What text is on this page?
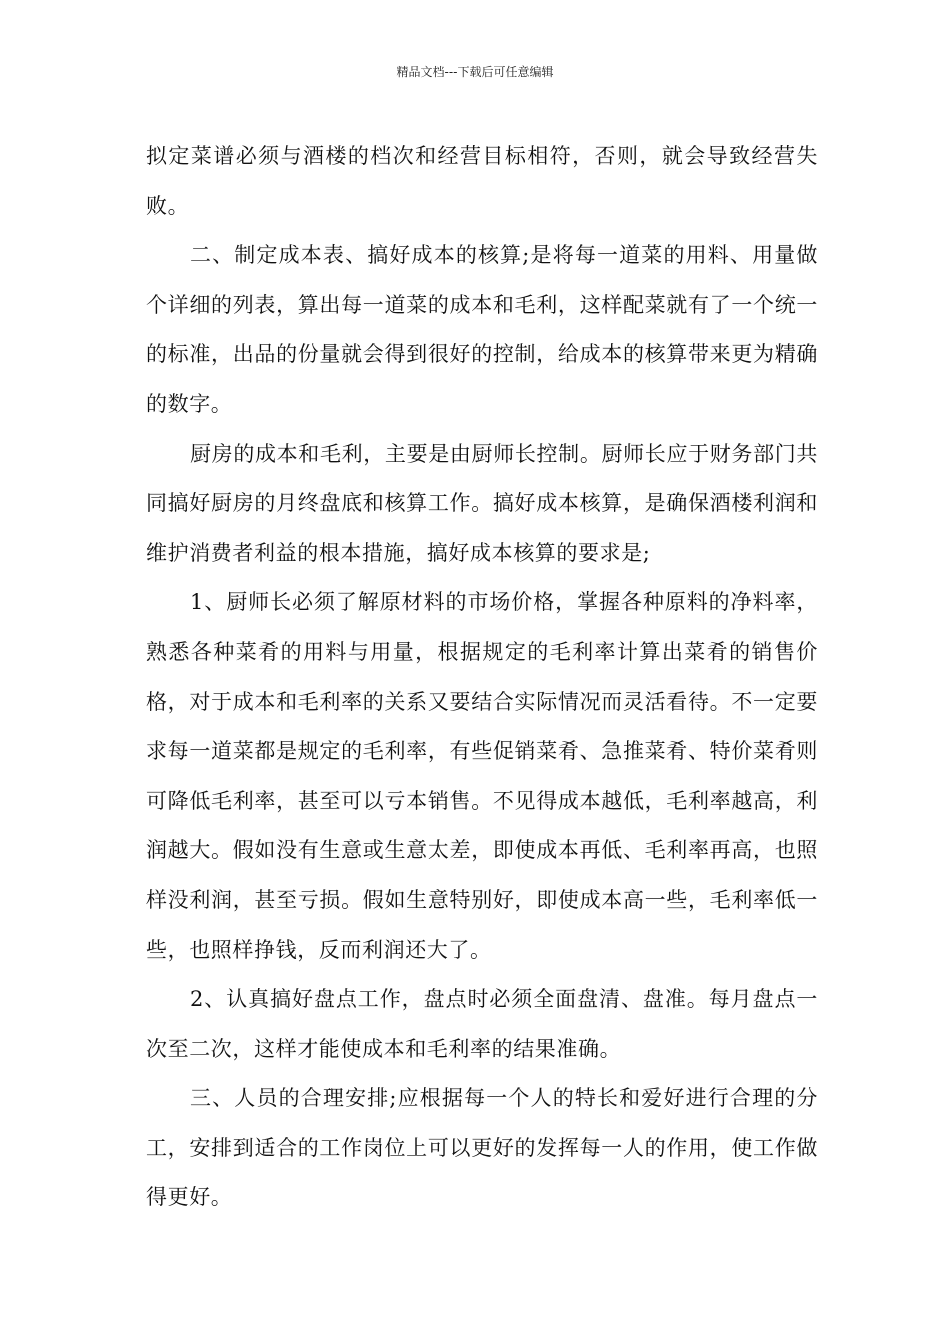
精品文档---下载后可任意编辑

拟定菜谱必须与酒楼的档次和经营目标相符，否则，就会导致经营失败。

二、制定成本表、搞好成本的核算;是将每一道菜的用料、用量做个详细的列表，算出每一道菜的成本和毛利，这样配菜就有了一个统一的标准，出品的份量就会得到很好的控制，给成本的核算带来更为精确的数字。

厨房的成本和毛利，主要是由厨师长控制。厨师长应于财务部门共同搞好厨房的月终盘底和核算工作。搞好成本核算，是确保酒楼利润和维护消费者利益的根本措施，搞好成本核算的要求是;

1、厨师长必须了解原材料的市场价格，掌握各种原料的净料率，熟悉各种菜肴的用料与用量，根据规定的毛利率计算出菜肴的销售价格，对于成本和毛利率的关系又要结合实际情况而灵活看待。不一定要求每一道菜都是规定的毛利率，有些促销菜肴、急推菜肴、特价菜肴则可降低毛利率，甚至可以亏本销售。不见得成本越低，毛利率越高，利润越大。假如没有生意或生意太差，即使成本再低、毛利率再高，也照样没利润，甚至亏损。假如生意特别好，即使成本高一些，毛利率低一些，也照样挣钱，反而利润还大了。

2、认真搞好盘点工作，盘点时必须全面盘清、盘准。每月盘点一次至二次，这样才能使成本和毛利率的结果准确。

三、人员的合理安排;应根据每一个人的特长和爱好进行合理的分工，安排到适合的工作岗位上可以更好的发挥每一人的作用，使工作做得更好。
